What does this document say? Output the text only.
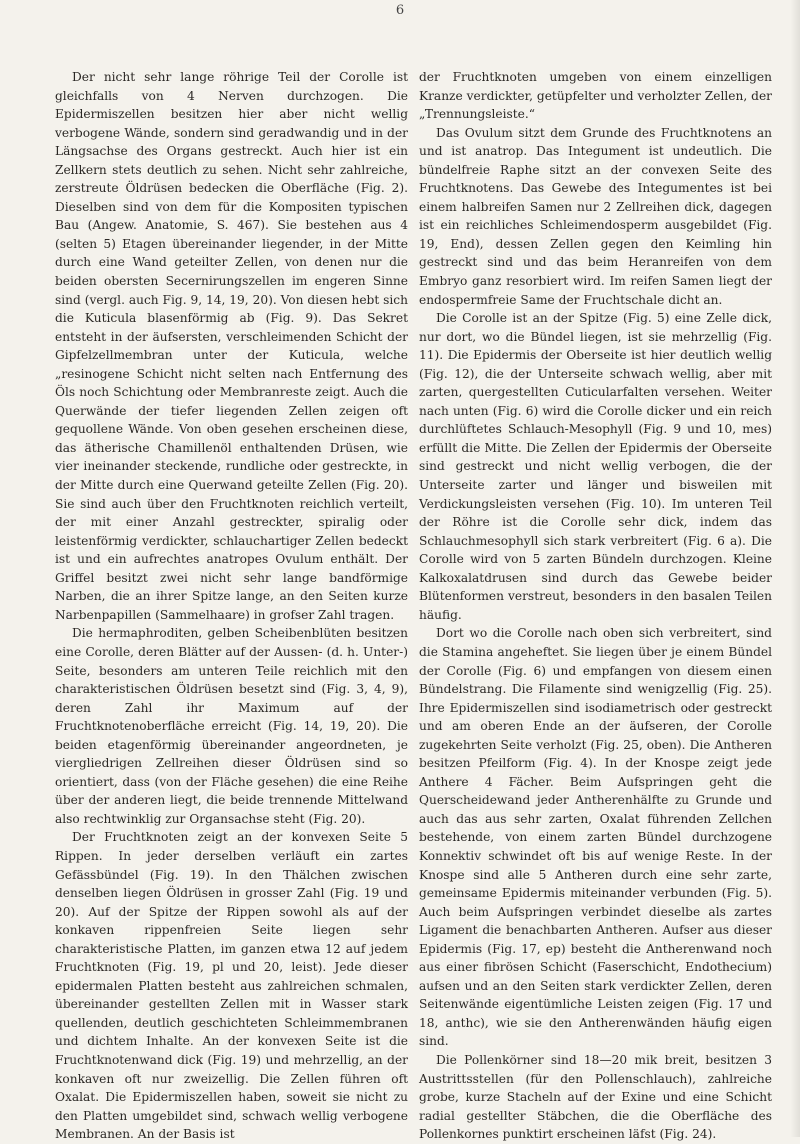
6

Der nicht sehr lange röhrige Teil der Corolle ist gleichfalls von 4 Nerven durchzogen. Die Epidermiszellen besitzen hier aber nicht wellig verbogene Wände, sondern sind geradwandig und in der Längsachse des Organs gestreckt. Auch hier ist ein Zellkern stets deutlich zu sehen. Nicht sehr zahlreiche, zerstreute Öldrüsen bedecken die Oberfläche (Fig. 2). Dieselben sind von dem für die Kompositen typischen Bau (Angew. Anatomie, S. 467). Sie bestehen aus 4 (selten 5) Etagen übereinander liegender, in der Mitte durch eine Wand geteilter Zellen, von denen nur die beiden obersten Secernirungszellen im engeren Sinne sind (vergl. auch Fig. 9, 14, 19, 20). Von diesen hebt sich die Kuticula blasenförmig ab (Fig. 9). Das Sekret entsteht in der äufsersten, verschleimenden Schicht der Gipfelzellmembran unter der Kuticula, welche „resinogene Schicht nicht selten nach Entfernung des Öls noch Schichtung oder Membranreste zeigt. Auch die Querwände der tiefer liegenden Zellen zeigen oft gequollene Wände. Von oben gesehen erscheinen diese, das ätherische Chamillenöl enthaltenden Drüsen, wie vier ineinander steckende, rundliche oder gestreckte, in der Mitte durch eine Querwand geteilte Zellen (Fig. 20). Sie sind auch über den Fruchtknoten reichlich verteilt, der mit einer Anzahl gestreckter, spiralig oder leistenförmig verdickter, schlauchartiger Zellen bedeckt ist und ein aufrechtes anatropes Ovulum enthält. Der Griffel besitzt zwei nicht sehr lange bandförmige Narben, die an ihrer Spitze lange, an den Seiten kurze Narbenpapillen (Sammelhaare) in grofser Zahl tragen.

Die hermaphroditen, gelben Scheibenblüten besitzen eine Corolle, deren Blätter auf der Aussen- (d. h. Unter-) Seite, besonders am unteren Teile reichlich mit den charakteristischen Öldrüsen besetzt sind (Fig. 3, 4, 9), deren Zahl ihr Maximum auf der Fruchtknotenoberfläche erreicht (Fig. 14, 19, 20). Die beiden etagenförmig übereinander angeordneten, je viergliedrigen Zellreihen dieser Öldrüsen sind so orientiert, dass (von der Fläche gesehen) die eine Reihe über der anderen liegt, die beide trennende Mittelwand also rechtwinklig zur Organsachse steht (Fig. 20).

Der Fruchtknoten zeigt an der konvexen Seite 5 Rippen. In jeder derselben verläuft ein zartes Gefässbündel (Fig. 19). In den Thälchen zwischen denselben liegen Öldrüsen in grosser Zahl (Fig. 19 und 20). Auf der Spitze der Rippen sowohl als auf der konkaven rippenfreien Seite liegen sehr charakteristische Platten, im ganzen etwa 12 auf jedem Fruchtknoten (Fig. 19, pl und 20, leist). Jede dieser epidermalen Platten besteht aus zahlreichen schmalen, übereinander gestellten Zellen mit in Wasser stark quellenden, deutlich geschichteten Schleimmembranen und dichtem Inhalte. An der konvexen Seite ist die Fruchtknotenwand dick (Fig. 19) und mehrzellig, an der konkaven oft nur zweizellig. Die Zellen führen oft Oxalat. Die Epidermiszellen haben, soweit sie nicht zu den Platten umgebildet sind, schwach wellig verbogene Membranen. An der Basis ist

der Fruchtknoten umgeben von einem einzelligen Kranze verdickter, getüpfelter und verholzter Zellen, der „Trennungsleiste.“

Das Ovulum sitzt dem Grunde des Fruchtknotens an und ist anatrop. Das Integument ist undeutlich. Die bündelfreie Raphe sitzt an der convexen Seite des Fruchtknotens. Das Gewebe des Integumentes ist bei einem halbreifen Samen nur 2 Zellreihen dick, dagegen ist ein reichliches Schleimendosperm ausgebildet (Fig. 19, End), dessen Zellen gegen den Keimling hin gestreckt sind und das beim Heranreifen von dem Embryo ganz resorbiert wird. Im reifen Samen liegt der endospermfreie Same der Fruchtschale dicht an.

Die Corolle ist an der Spitze (Fig. 5) eine Zelle dick, nur dort, wo die Bündel liegen, ist sie mehrzellig (Fig. 11). Die Epidermis der Oberseite ist hier deutlich wellig (Fig. 12), die der Unterseite schwach wellig, aber mit zarten, quergestellten Cuticularfalten versehen. Weiter nach unten (Fig. 6) wird die Corolle dicker und ein reich durchlüftetes Schlauch-Mesophyll (Fig. 9 und 10, mes) erfüllt die Mitte. Die Zellen der Epidermis der Oberseite sind gestreckt und nicht wellig verbogen, die der Unterseite zarter und länger und bisweilen mit Verdickungsleisten versehen (Fig. 10). Im unteren Teil der Röhre ist die Corolle sehr dick, indem das Schlauchmesophyll sich stark verbreitert (Fig. 6 a). Die Corolle wird von 5 zarten Bündeln durchzogen. Kleine Kalkoxalatdrusen sind durch das Gewebe beider Blütenformen verstreut, besonders in den basalen Teilen häufig.

Dort wo die Corolle nach oben sich verbreitert, sind die Stamina angeheftet. Sie liegen über je einem Bündel der Corolle (Fig. 6) und empfangen von diesem einen Bündelstrang. Die Filamente sind wenigzellig (Fig. 25). Ihre Epidermiszellen sind isodiametrisch oder gestreckt und am oberen Ende an der äufseren, der Corolle zugekehrten Seite verholzt (Fig. 25, oben). Die Antheren besitzen Pfeilform (Fig. 4). In der Knospe zeigt jede Anthere 4 Fächer. Beim Aufspringen geht die Querscheidewand jeder Antherenhälfte zu Grunde und auch das aus sehr zarten, Oxalat führenden Zellchen bestehende, von einem zarten Bündel durchzogene Konnektiv schwindet oft bis auf wenige Reste. In der Knospe sind alle 5 Antheren durch eine sehr zarte, gemeinsame Epidermis miteinander verbunden (Fig. 5). Auch beim Aufspringen verbindet dieselbe als zartes Ligament die benachbarten Antheren. Aufser aus dieser Epidermis (Fig. 17, ep) besteht die Antherenwand noch aus einer fibrösen Schicht (Faserschicht, Endothecium) aufsen und an den Seiten stark verdickter Zellen, deren Seitenwände eigentümliche Leisten zeigen (Fig. 17 und 18, anthc), wie sie den Antherenwänden häufig eigen sind.

Die Pollenkörner sind 18—20 mik breit, besitzen 3 Austrittsstellen (für den Pollenschlauch), zahlreiche grobe, kurze Stacheln auf der Exine und eine Schicht radial gestellter Stäbchen, die die Oberfläche des Pollenkornes punktirt erscheinen läfst (Fig. 24).
